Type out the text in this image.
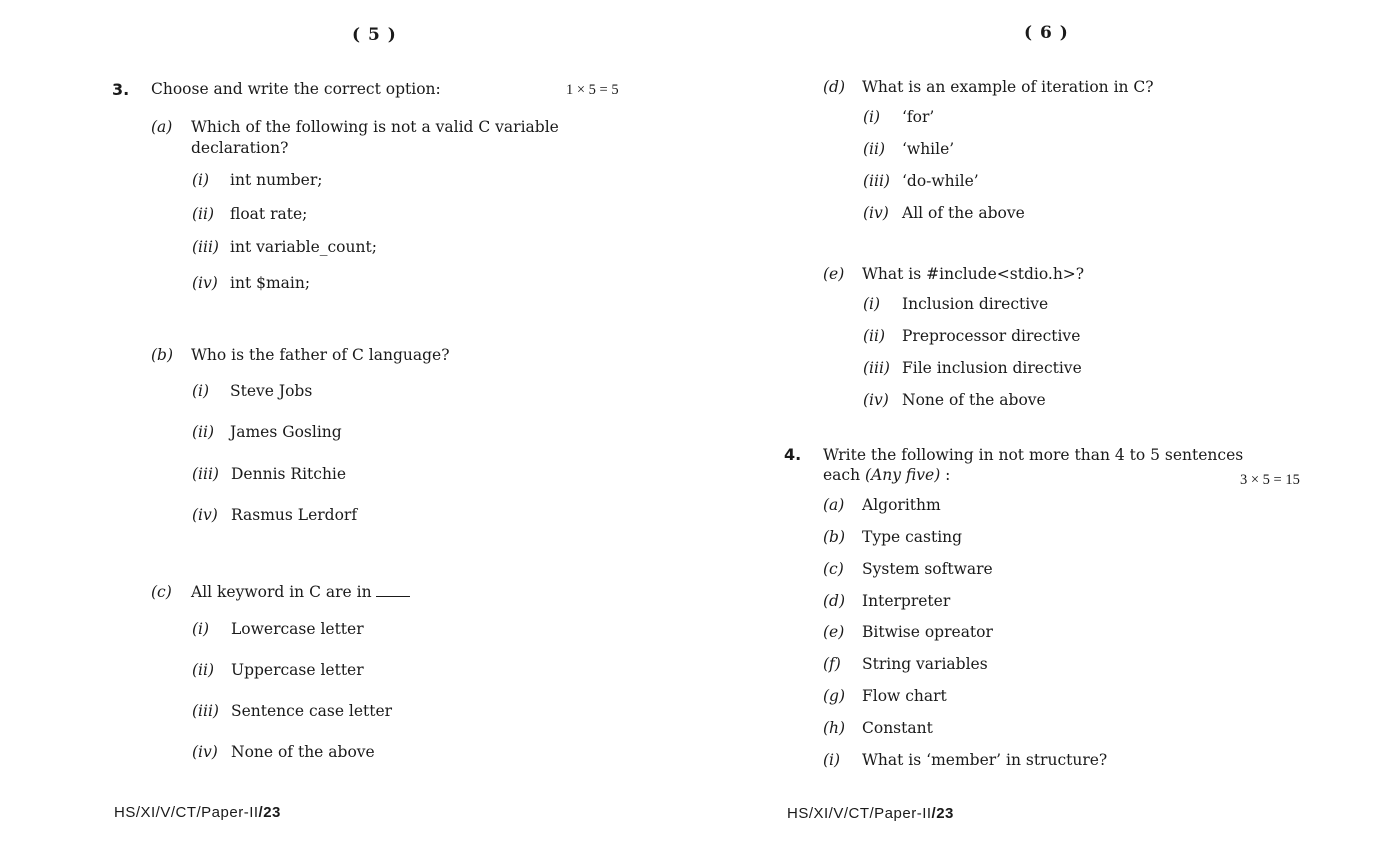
( 5 )
3. Choose and write the correct option:	1 × 5 = 5
(a) Which of the following is not a valid C variable
declaration?
(i) int number;
(ii) float rate;
(iii) int variable_count;
(iv) int $main;
(b) Who is the father of C language?
(i) Steve Jobs
(ii) James Gosling
(iii) Dennis Ritchie
(iv) Rasmus Lerdorf
(c) All keyword in C are in
(i) Lowercase letter
(ii) Uppercase letter
(iii) Sentence case letter
(iv) None of the above
HS/XI/V/CT/Paper-II/23
( 6 )
(d) What is an example of iteration in C?
(i) ‘for’
(ii) ‘while’
(iii) ‘do-while’
(iv) All of the above
(e) What is #include<stdio.h>?
(i) Inclusion directive
(ii) Preprocessor directive
(iii) File inclusion directive
(iv) None of the above
4. Write the following in not more than 4 to 5 sentences
each (Any five) :	3 × 5 = 15
(a) Algorithm
(b) Type casting
(c) System software
(d) Interpreter
(e) Bitwise opreator
(f) String variables
(g) Flow chart
(h) Constant
(i) What is ‘member’ in structure?
HS/XI/V/CT/Paper-II/23
